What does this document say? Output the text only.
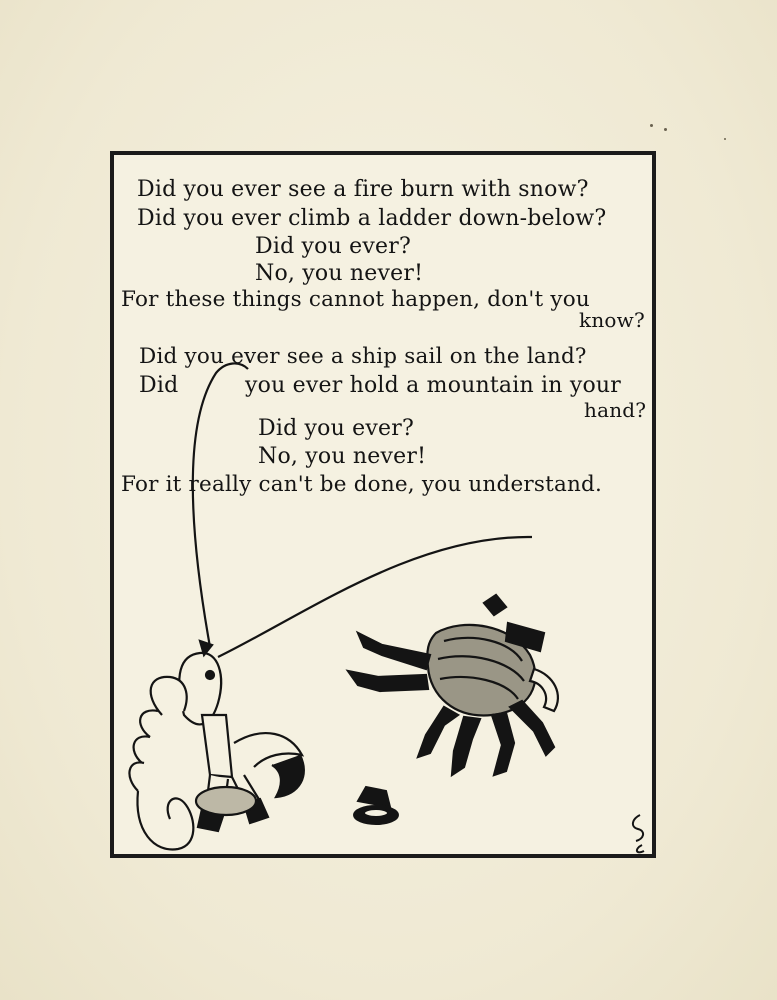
Did you ever see a fire burn with snow?
Did you ever climb a ladder down-below?
Did you ever?
No, you never!
For these things cannot happen, don't you
know?
Did you ever see a ship sail on the land?
Did	you ever hold a mountain in your
hand?
Did you ever?
No, you never!
For it really can't be done, you understand.
